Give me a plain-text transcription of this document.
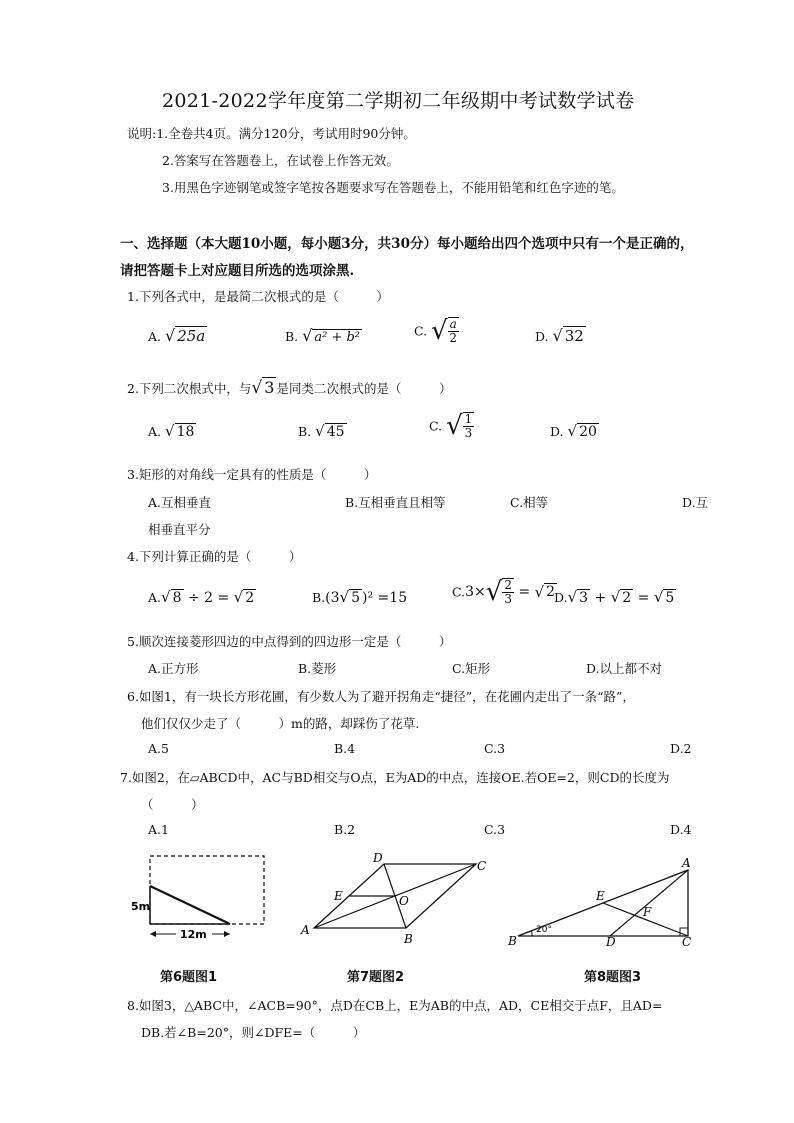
2021-2022学年度第二学期初二年级期中考试数学试卷
说明:1.全卷共4页。满分120分，考试用时90分钟。
2.答案写在答题卷上，在试卷上作答无效。
3.用黑色字迹钢笔或签字笔按各题要求写在答题卷上，不能用铅笔和红色字迹的笔。
一、选择题（本大题10小题，每小题3分，共30分）每小题给出四个选项中只有一个是正确的，
请把答题卡上对应题目所选的选项涂黑.
1.下列各式中，是最简二次根式的是（　　　）
A. √ 25a	B. √ a² + b²	C. √ $\frac{a}{2}$	D. √ 32
2.下列二次根式中，与√ 3 是同类二次根式的是（　　　）
A. √ 18	B. √ 45	C. √ $\frac{1}{3}$	D. √ 20
3.矩形的对角线一定具有的性质是（　　　）
A.互相垂直	B.互相垂直且相等	C.相等	D.互
相垂直平分
4.下列计算正确的是（　　　）
A.√ 8 ÷ 2 = √ 2	B.(3√ 5 )² =15	$C.3\times√ \frac{2}{3}$ = √ 2
D.√ 3 + √ 2 = √ 5
5.顺次连接菱形四边的中点得到的四边形一定是（　　　）
A.正方形	B.菱形	C.矩形	D.以上都不对
6.如图1，有一块长方形花圃，有少数人为了避开拐角走“捷径”，在花圃内走出了一条“路”，
他们仅仅少走了（　　　）m的路，却踩伤了花草.
A.5	B.4	C.3	D.2
7.如图2，在▱ABCD中，AC与BD相交与O点，E为AD的中点，连接OE.若OE=2，则CD的长度为
（　　　）
A.1	B.2	C.3	D.4
5m
12m
第6题图1
A
B
C
D
E	O
第7题图2
20°
B	C
A
D
E
F
第8题图3
8.如图3，△ABC中，∠ACB=90°，点D在CB上，E为AB的中点，AD，CE相交于点F，且AD=
DB.若∠B=20°，则∠DFE=（　　　）
